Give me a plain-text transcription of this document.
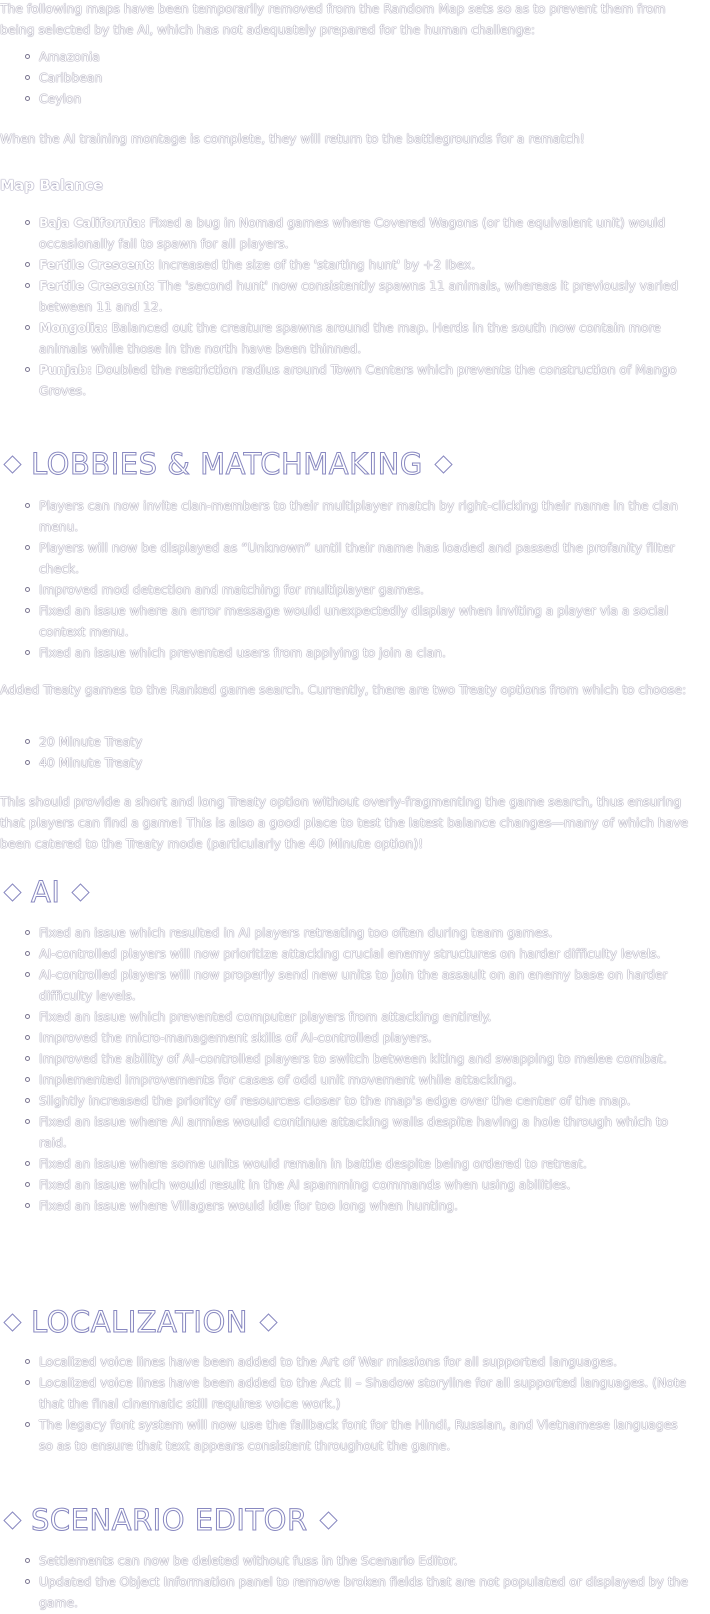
The following maps have been temporarily removed from the Random Map sets so as to prevent them from being selected by the AI, which has not adequately prepared for the human challenge:

Amazonia
Caribbean
Ceylon

When the AI training montage is complete, they will return to the battlegrounds for a rematch!

Map Balance
Baja California: Fixed a bug in Nomad games where Covered Wagons (or the equivalent unit) would occasionally fail to spawn for all players.
Fertile Crescent: Increased the size of the 'starting hunt' by +2 Ibex.
Fertile Crescent: The 'second hunt' now consistently spawns 11 animals, whereas it previously varied between 11 and 12.
Mongolia: Balanced out the creature spawns around the map. Herds in the south now contain more animals while those in the north have been thinned.
Punjab: Doubled the restriction radius around Town Centers which prevents the construction of Mango Groves.
LOBBIES & MATCHMAKING
Players can now invite clan-members to their multiplayer match by right-clicking their name in the clan menu.
Players will now be displayed as “Unknown” until their name has loaded and passed the profanity filter check.
Improved mod detection and matching for multiplayer games.
Fixed an issue where an error message would unexpectedly display when inviting a player via a social context menu.
Fixed an issue which prevented users from applying to join a clan.

Added Treaty games to the Ranked game search. Currently, there are two Treaty options from which to choose:

20 Minute Treaty
40 Minute Treaty

This should provide a short and long Treaty option without overly-fragmenting the game search, thus ensuring that players can find a game! This is also a good place to test the latest balance changes—many of which have been catered to the Treaty mode (particularly the 40 Minute option)!

AI
Fixed an issue which resulted in AI players retreating too often during team games.
AI-controlled players will now prioritize attacking crucial enemy structures on harder difficulty levels.
AI-controlled players will now properly send new units to join the assault on an enemy base on harder difficulty levels.
Fixed an issue which prevented computer players from attacking entirely.
Improved the micro-management skills of AI-controlled players.
Improved the ability of AI-controlled players to switch between kiting and swapping to melee combat.
Implemented improvements for cases of odd unit movement while attacking.
Slightly increased the priority of resources closer to the map's edge over the center of the map.
Fixed an issue where AI armies would continue attacking walls despite having a hole through which to raid.
Fixed an issue where some units would remain in battle despite being ordered to retreat.
Fixed an issue which would result in the AI spamming commands when using abilities.
Fixed an issue where Villagers would idle for too long when hunting.
LOCALIZATION
Localized voice lines have been added to the Art of War missions for all supported languages.
Localized voice lines have been added to the Act II – Shadow storyline for all supported languages. (Note that the final cinematic still requires voice work.)
The legacy font system will now use the fallback font for the Hindi, Russian, and Vietnamese languages so as to ensure that text appears consistent throughout the game.
SCENARIO EDITOR
Settlements can now be deleted without fuss in the Scenario Editor.
Updated the Object Information panel to remove broken fields that are not populated or displayed by the game.
